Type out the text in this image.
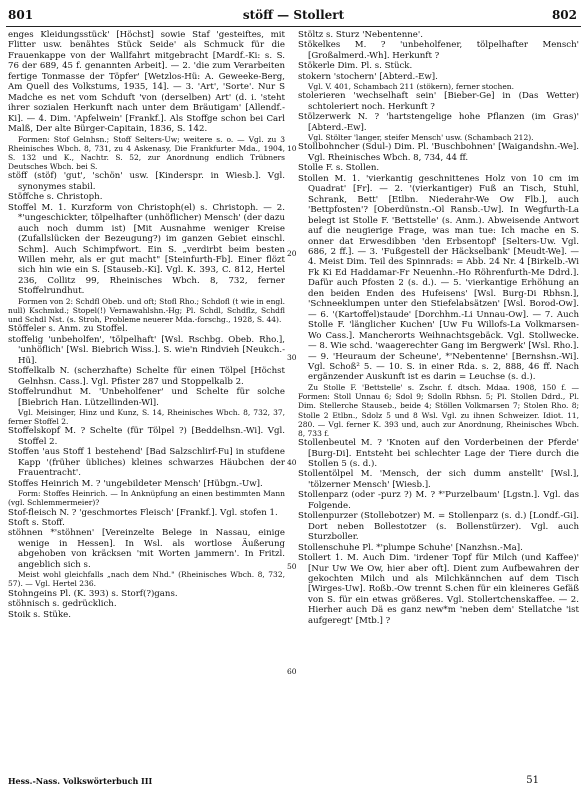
801	stöff — Stollert	802

enges Kleidungsstück' [Höchst] sowie Staf 'gesteiftes, mit Flitter usw. benähtes Stück Seide' als Schmuck für die Frauenkappe von der Wallfahrt mitgebracht [Mardf.-Ki: s. S. 76 der 689, 45 f. genannten Arbeit]. — 2. 'die zum Verarbeiten fertige Tonmasse der Töpfer' [Wetzlos-Hü: A. Geweeke-Berg, Am Quell des Volkstums, 1935, 14]. — 3. 'Art', 'Sorte'. Nur S Madche es net vom Schduft 'von (derselben) Art' (d. i. 'steht ihrer sozialen Herkunft nach unter dem Bräutigam' [Allendf.-Ki]. — 4. Dim. 'Apfelwein' [Frankf.]. Als Stoffge schon bei Carl Malß, Der alte Bürger-Capitain, 1836, S. 142.

Formen: Stof Gelnhsn.; Stoff Selters-Uw; weitere s. o. — Vgl. zu 3 Rheinisches Wbch. 8, 731, zu 4 Askenasy, Die Frankfurter Mda., 1904, S. 132 und K., Nachtr. S. 52, zur Anordnung endlich Trübners Deutsches Wbch. bei S.

stöff (stöf) 'gut', 'schön' usw. [Kinderspr. in Wiesb.]. Vgl. synonymes stabil.

Stöffche s. Christoph.

Stoffel M. 1. Kurzform von Christoph(el) s. Christoph. — 2. *'ungeschickter, tölpelhafter (unhöflicher) Mensch' (der dazu auch noch dumm ist) [Mit Ausnahme weniger Kreise (Zufallslücken der Bezeugung?) im ganzen Gebiet einschl. Schm]. Auch Schimpfwort. Ein S. „verdirbt beim besten Willen mehr, als er gut macht" [Steinfurth-Fb]. Einer flözt sich hin wie ein S. [Stauseb.-Ki]. Vgl. K. 393, C. 812, Hertel 236, Collitz 99, Rheinisches Wbch. 8, 732, ferner Stoffelrundhut.

Formen von 2: Schdfl Obeb. und oft; Stofl Rho.; Schdofl (t wie in engl. null) Kschmkd.; Stopel(!) Vernawahlshn.-Hg; Pl. Schdl, Schdflz, Schdfl und Schdl Nst. (s. Stroh, Probleme neuerer Mda.-forschg., 1928, S. 44).

Stöffeler s. Anm. zu Stoffel.

stoffelig 'unbeholfen', 'tölpelhaft' [Wsl. Rschbg. Obeb. Rho.], 'unhöflich' [Wsl. Biebrich Wiss.]. S. wie'n Rindvieh [Neukch.-Hü].

Stoffelkalb N. (scherzhafte) Schelte für einen Tölpel [Höchst Gelnhsn. Cass.]. Vgl. Pfister 287 und Stoppelkalb 2.

Stoffelrundhut M. 'Unbeholfener' und Schelte für solche [Biebrich Han. Lützellinden-Wl].

Vgl. Meisinger, Hinz und Kunz, S. 14, Rheinisches Wbch. 8, 732, 37, ferner Stoffel 2.

Stoffelskopf M. ? Schelte (für Tölpel ?) [Beddelhsn.-Wi]. Vgl. Stoffel 2.

Stoffen 'aus Stoff 1 bestehend' [Bad Salzschlirf-Fu] in stufdene Kapp '(früher übliches) kleines schwarzes Häubchen der Frauentracht'.

Stoffes Heinrich M. ? 'ungebildeter Mensch' [Hübgn.-Uw].

Form: Stoffes Heinrich. — In Anknüpfung an einen bestimmten Mann (vgl. Schlemmermeier)?

Stof-fleisch N. ? 'geschmortes Fleisch' [Frankf.]. Vgl. stofen 1.

Stoft s. Stoff.

stöhnen *'stöhnen' [Vereinzelte Belege in Nassau, einige wenige in Hessen]. In Wsl. als wortlose Äußerung abgehoben von kräcksen 'mit Worten jammern'. In Fritzl. angeblich sich s.

Meist wohl gleichfalls „nach dem Nhd." (Rheinisches Wbch. 8, 732, 57). — Vgl. Hertel 236.

Stohngeins Pl. (K. 393) s. Storf(?)gans.

stöhnisch s. gedrücklich.

Stoik s. Stüke.

10
20
30
40
50
60

Stöltz s. Sturz 'Nebentenne'.

Stökelkes M. ? 'unbeholfener, tölpelhafter Mensch' [Großalmerd.-Wh]. Herkunft ?

Stökerle Dim. Pl. s. Stück.

stokern 'stochern' [Abterd.-Ew].

Vgl. V. 401, Schambach 211 (stökern), ferner stochen.

stolerieren 'wechselhaft sein' [Bieber-Ge] in (Das Wetter) schtoleriert noch. Herkunft ?

Stölzerwerk N. ? 'hartstengelige hohe Pflanzen (im Gras)' [Abterd.-Ew].

Vgl. Stölter 'langer, steifer Mensch' usw. (Schambach 212).

Stollbohncher (Sdul-) Dim. Pl. 'Buschbohnen' [Waigandshn.-We]. Vgl. Rheinisches Wbch. 8, 734, 44 ff.

Stolle F. s. Stollen.

Stollen M. 1. 'vierkantig geschnittenes Holz von 10 cm im Quadrat' [Fr]. — 2. '(vierkantiger) Fuß an Tisch, Stuhl, Schrank, Bett' [Etlbn. Niederahr-We Ow Flb.], auch 'Bettpfosten'? [Oberdünstn.-Ol Ransb.-Uw]. In Wegfurth-La belegt ist Stolle F. 'Bettstelle' (s. Anm.). Abweisende Antwort auf die neugierige Frage, was man tue: Ich mache en S. onner dat Erwesdibben 'den Erbsentopf' [Selters-Uw. Vgl. 686, 2 ff.]. — 3. 'Fußgestell der Häckselbank' [Meudt-We]. — 4. Meist Dim. Teil des Spinnrads: = Abb. 24 Nr. 4 [Birkelb.-Wi Fk Ki Ed Haddamar-Fr Neuenhn.-Ho Röhrenfurth-Me Ddrd.]. Dafür auch Pfosten 2 (s. d.). — 5. 'vierkantige Erhöhung an den beiden Enden des Hufeisens' [Wsl. Burg-Di Rbhsn.], 'Schneeklumpen unter den Stiefelabsätzen' [Wsl. Borod-Ow]. — 6. '(Kartoffel)staude' [Dorchhm.-Li Unnau-Ow]. — 7. Auch Stolle F. 'länglicher Kuchen' [Uw Fu Willofs-La Volkmarsen-Wo Cass.]. Mancherorts Weihnachtsgebäck. Vgl. Stollwecke. — 8. Wie schd. 'waagerechter Gang im Bergwerk' [Wsl. Rho.]. — 9. 'Heuraum der Scheune', *'Nebentenne' [Bernshsn.-Wi]. Vgl. Schoß² 5. — 10. S. in einer Rda. s. 2, 888, 46 ff. Nach ergänzender Auskunft ist es darin = Leuchse (s. d.).

Zu Stolle F. 'Bettstelle' s. Zschr. f. dtsch. Mdaa. 1908, 150 f. — Formen: Stoll Unnau 6; Sdol 9; Sdolln Rbhsn. 5; Pl. Stollen Ddrd., Pl. Dim. Stellerche Stauseb., beide 4; Stöllen Volkmarsen 7; Stolen Rho. 8; Stolle 2 Etlbn., Sdolz 5 und 8 Wsl. Vgl. zu ihnen Schweizer. Idiot. 11, 280. — Vgl. ferner K. 393 und, auch zur Anordnung, Rheinisches Wbch. 8, 733 f.

Stollenbeutel M. ? 'Knoten auf den Vorderbeinen der Pferde' [Burg-Di]. Entsteht bei schlechter Lage der Tiere durch die Stollen 5 (s. d.).

Stollentölpel M. 'Mensch, der sich dumm anstellt' [Wsl.], 'tölzerner Mensch' [Wiesb.].

Stollenparz (oder -purz ?) M. ? *'Purzelbaum' [Lgstn.]. Vgl. das Folgende.

Stollenpurzer (Stollebotzer) M. = Stollenparz (s. d.) [Londf.-Gi]. Dort neben Bollestotzer (s. Bollenstürzer). Vgl. auch Sturzboller.

Stollenschuhe Pl. *'plumpe Schuhe' [Nanzhsn.-Ma].

Stollert 1. M. Auch Dim. 'irdener Topf für Milch (und Kaffee)' [Nur Uw We Ow, hier aber oft]. Dient zum Aufbewahren der gekochten Milch und als Milchkännchen auf dem Tisch [Wirges-Uw]. Roßb.-Ow trennt S.chen für ein kleineres Gefäß von S. für ein etwas größeres. Vgl. Stollertchenskaffee. — 2. Hierher auch Dä es ganz new*m 'neben dem' Stellatche 'ist aufgeregt' [Mtb.] ?

Hess.-Nass. Volkswörterbuch III	51
